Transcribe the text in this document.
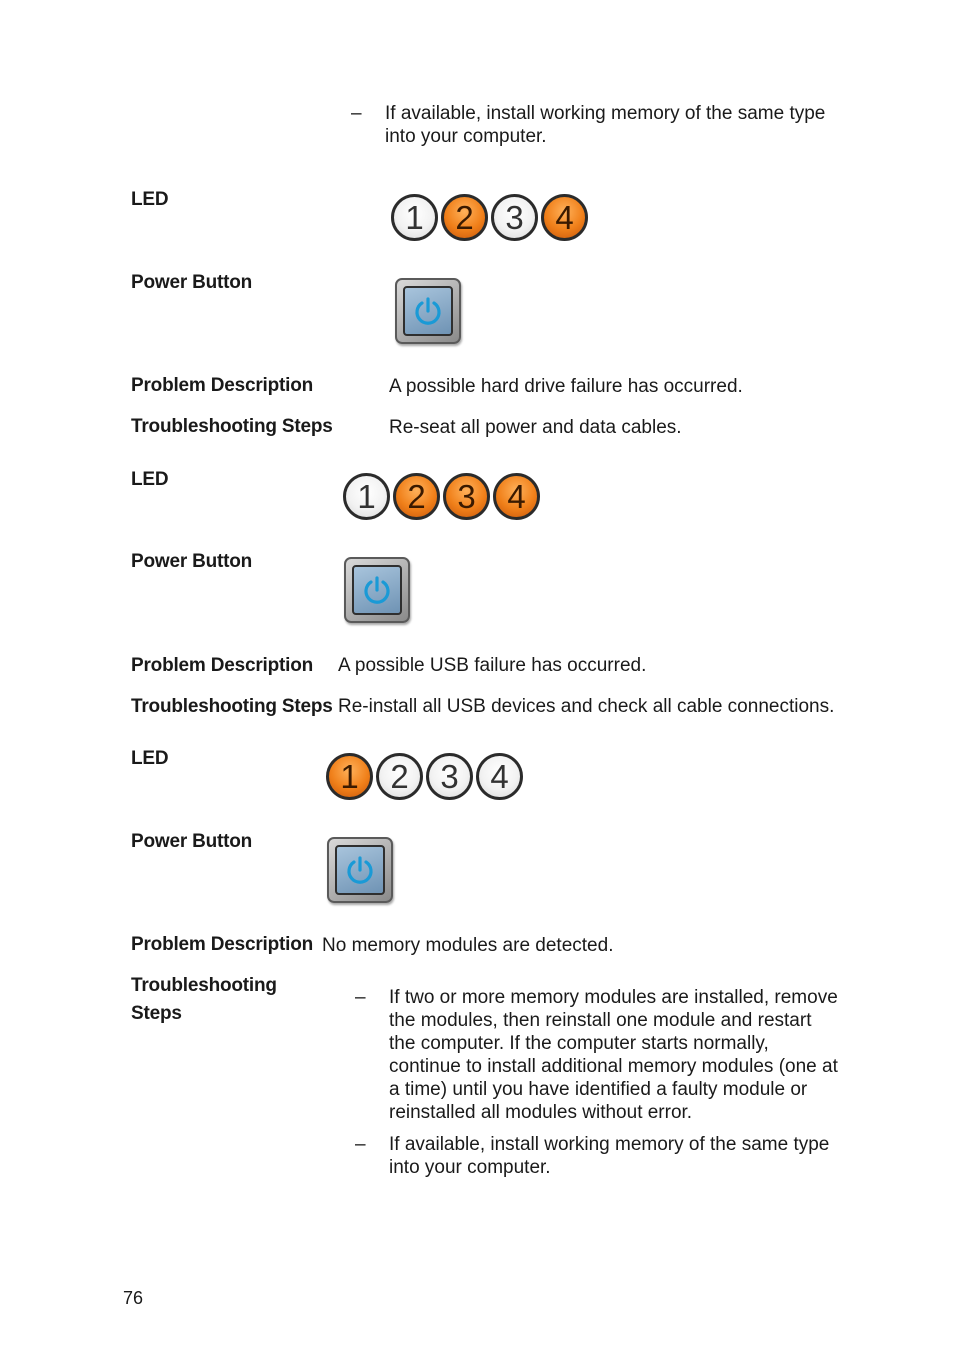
– If available, install working memory of the same type into your computer.
LED	1 2 3 4
Power Button
Problem Description	A possible hard drive failure has occurred.
Troubleshooting Steps	Re-seat all power and data cables.
LED	1 2 3 4
Power Button
Problem Description A possible USB failure has occurred.
Troubleshooting Steps Re-install all USB devices and check all cable connections.
LED	1 2 3 4
Power Button
Problem Description No memory modules are detected.
Troubleshooting
Steps
– If two or more memory modules are installed, remove the modules, then reinstall one module and restart the computer. If the computer starts normally, continue to install additional memory modules (one at a time) until you have identified a faulty module or reinstalled all modules without error.
– If available, install working memory of the same type into your computer.
76
